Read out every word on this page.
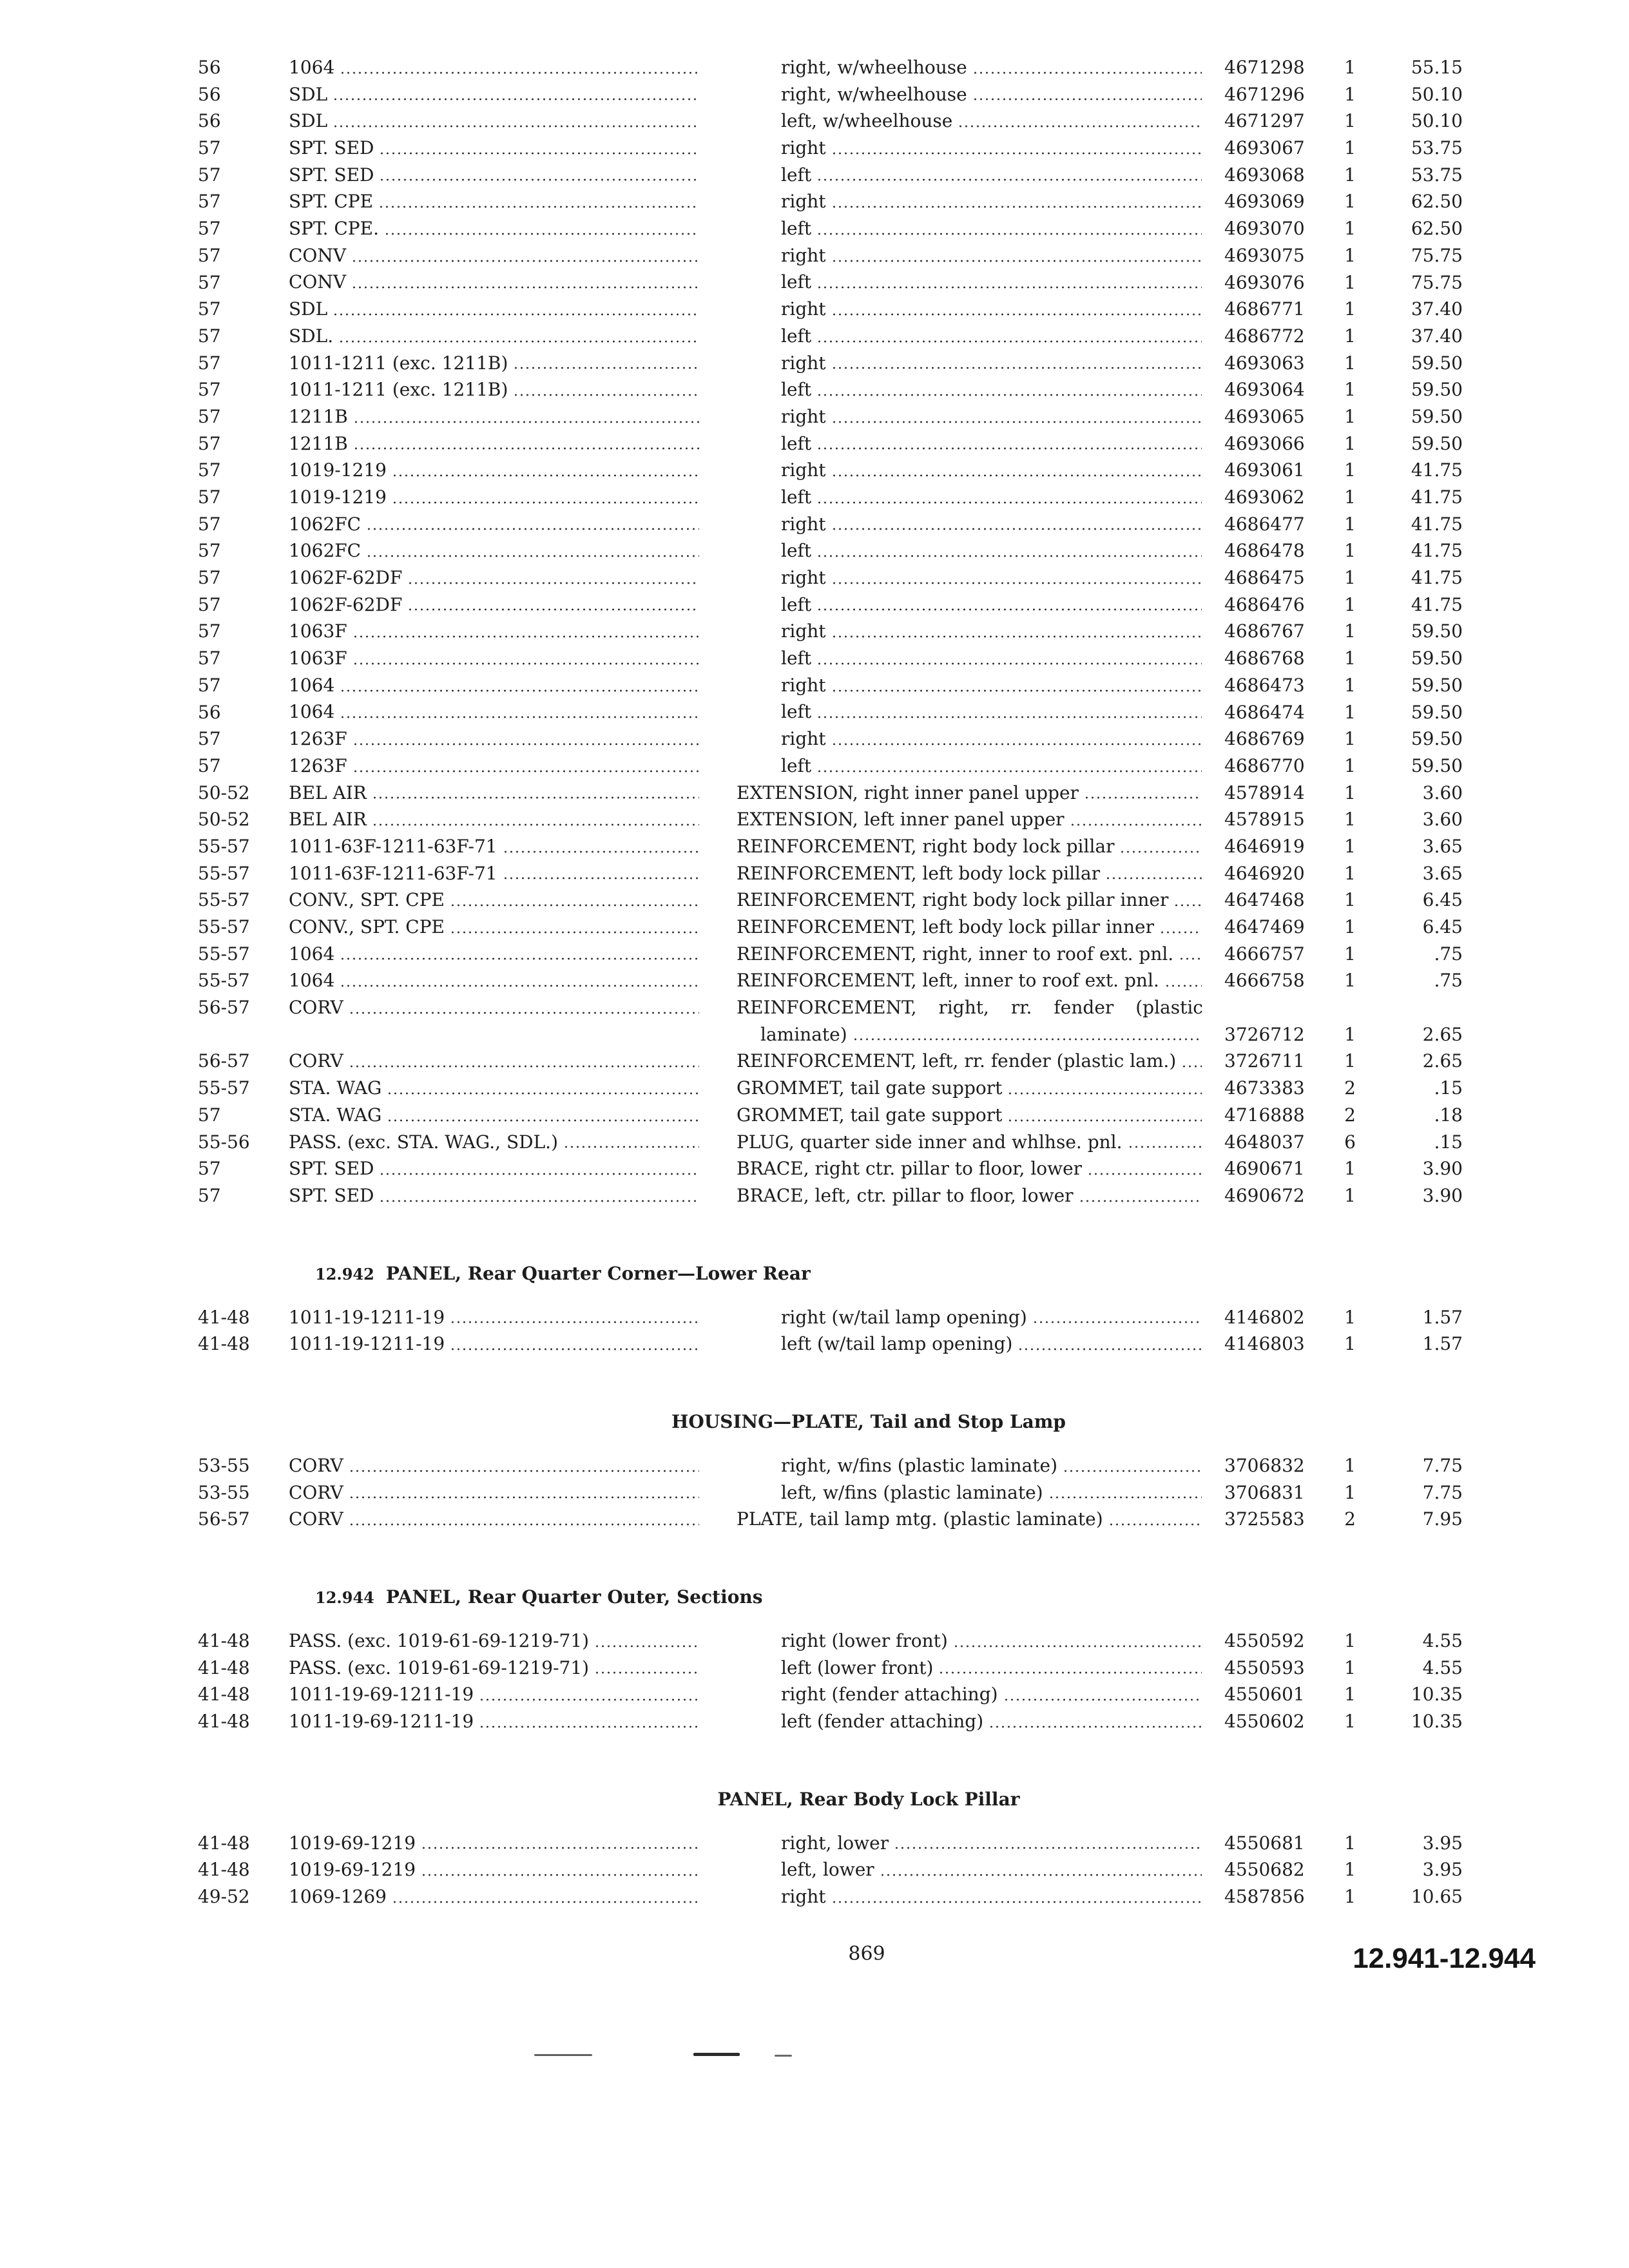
56	1064	right, w/wheelhouse	4671298	1	55.15
56	SDL	right, w/wheelhouse	4671296	1	50.10
56	SDL	left, w/wheelhouse	4671297	1	50.10
57	SPT. SED	right	4693067	1	53.75
57	SPT. SED	left	4693068	1	53.75
57	SPT. CPE	right	4693069	1	62.50
57	SPT. CPE.	left	4693070	1	62.50
57	CONV	right	4693075	1	75.75
57	CONV	left	4693076	1	75.75
57	SDL	right	4686771	1	37.40
57	SDL.	left	4686772	1	37.40
57	1011-1211 (exc. 1211B)	right	4693063	1	59.50
57	1011-1211 (exc. 1211B)	left	4693064	1	59.50
57	1211B	right	4693065	1	59.50
57	1211B	left	4693066	1	59.50
57	1019-1219	right	4693061	1	41.75
57	1019-1219	left	4693062	1	41.75
57	1062FC	right	4686477	1	41.75
57	1062FC	left	4686478	1	41.75
57	1062F-62DF	right	4686475	1	41.75
57	1062F-62DF	left	4686476	1	41.75
57	1063F	right	4686767	1	59.50
57	1063F	left	4686768	1	59.50
57	1064	right	4686473	1	59.50
56	1064	left	4686474	1	59.50
57	1263F	right	4686769	1	59.50
57	1263F	left	4686770	1	59.50
50-52	BEL AIR	EXTENSION, right inner panel upper	4578914	1	3.60
50-52	BEL AIR	EXTENSION, left inner panel upper	4578915	1	3.60
55-57	1011-63F-1211-63F-71	REINFORCEMENT, right body lock pillar	4646919	1	3.65
55-57	1011-63F-1211-63F-71	REINFORCEMENT, left body lock pillar	4646920	1	3.65
55-57	CONV., SPT. CPE	REINFORCEMENT, right body lock pillar inner	4647468	1	6.45
55-57	CONV., SPT. CPE	REINFORCEMENT, left body lock pillar inner	4647469	1	6.45
55-57	1064	REINFORCEMENT, right, inner to roof ext. pnl.	4666757	1	.75
55-57	1064	REINFORCEMENT, left, inner to roof ext. pnl.	4666758	1	.75
56-57	CORV	REINFORCEMENT, right, rr. fender (plastic
laminate)	3726712	1	2.65
56-57	CORV	REINFORCEMENT, left, rr. fender (plastic lam.)	3726711	1	2.65
55-57	STA. WAG	GROMMET, tail gate support	4673383	2	.15
57	STA. WAG	GROMMET, tail gate support	4716888	2	.18
55-56	PASS. (exc. STA. WAG., SDL.)	PLUG, quarter side inner and whlhse. pnl.	4648037	6	.15
57	SPT. SED	BRACE, right ctr. pillar to floor, lower	4690671	1	3.90
57	SPT. SED	BRACE, left, ctr. pillar to floor, lower	4690672	1	3.90
12.942 PANEL, Rear Quarter Corner—Lower Rear
41-48	1011-19-1211-19	right (w/tail lamp opening)	4146802	1	1.57
41-48	1011-19-1211-19	left (w/tail lamp opening)	4146803	1	1.57
HOUSING—PLATE, Tail and Stop Lamp
53-55	CORV	right, w/fins (plastic laminate)	3706832	1	7.75
53-55	CORV	left, w/fins (plastic laminate)	3706831	1	7.75
56-57	CORV	PLATE, tail lamp mtg. (plastic laminate)	3725583	2	7.95
12.944 PANEL, Rear Quarter Outer, Sections
41-48	PASS. (exc. 1019-61-69-1219-71)	right (lower front)	4550592	1	4.55
41-48	PASS. (exc. 1019-61-69-1219-71)	left (lower front)	4550593	1	4.55
41-48	1011-19-69-1211-19	right (fender attaching)	4550601	1	10.35
41-48	1011-19-69-1211-19	left (fender attaching)	4550602	1	10.35
PANEL, Rear Body Lock Pillar
41-48	1019-69-1219	right, lower	4550681	1	3.95
41-48	1019-69-1219	left, lower	4550682	1	3.95
49-52	1069-1269	right	4587856	1	10.65
869	12.941-12.944
